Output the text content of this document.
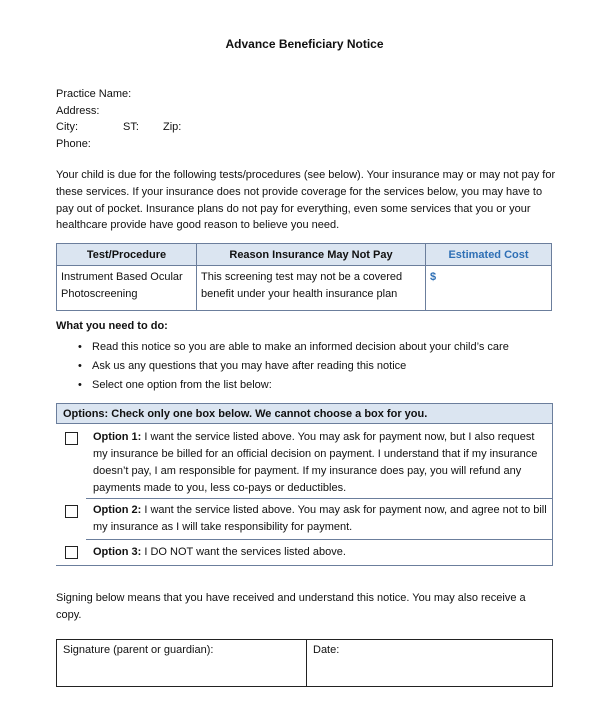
Advance Beneficiary Notice
Practice Name:
Address:
City:	ST: Zip:
Phone:
Your child is due for the following tests/procedures (see below). Your insurance may or may not pay for these services. If your insurance does not provide coverage for the services below, you may have to pay out of pocket. Insurance plans do not pay for everything, even some services that you or your healthcare provide have good reason to believe you need.
Test/Procedure	Reason Insurance May Not Pay	Estimated Cost
Instrument Based Ocular Photoscreening	This screening test may not be a covered benefit under your health insurance plan	$
What you need to do:
• Read this notice so you are able to make an informed decision about your child’s care
• Ask us any questions that you may have after reading this notice
• Select one option from the list below:
Options: Check only one box below. We cannot choose a box for you.
Option 1: I want the service listed above. You may ask for payment now, but I also request my insurance be billed for an official decision on payment. I understand that if my insurance doesn’t pay, I am responsible for payment. If my insurance does pay, you will refund any payments made to you, less co-pays or deductibles.
Option 2: I want the service listed above. You may ask for payment now, and agree not to bill my insurance as I will take responsibility for payment.
Option 3: I DO NOT want the services listed above.
Signing below means that you have received and understand this notice. You may also receive a copy.
Signature (parent or guardian):	Date:
